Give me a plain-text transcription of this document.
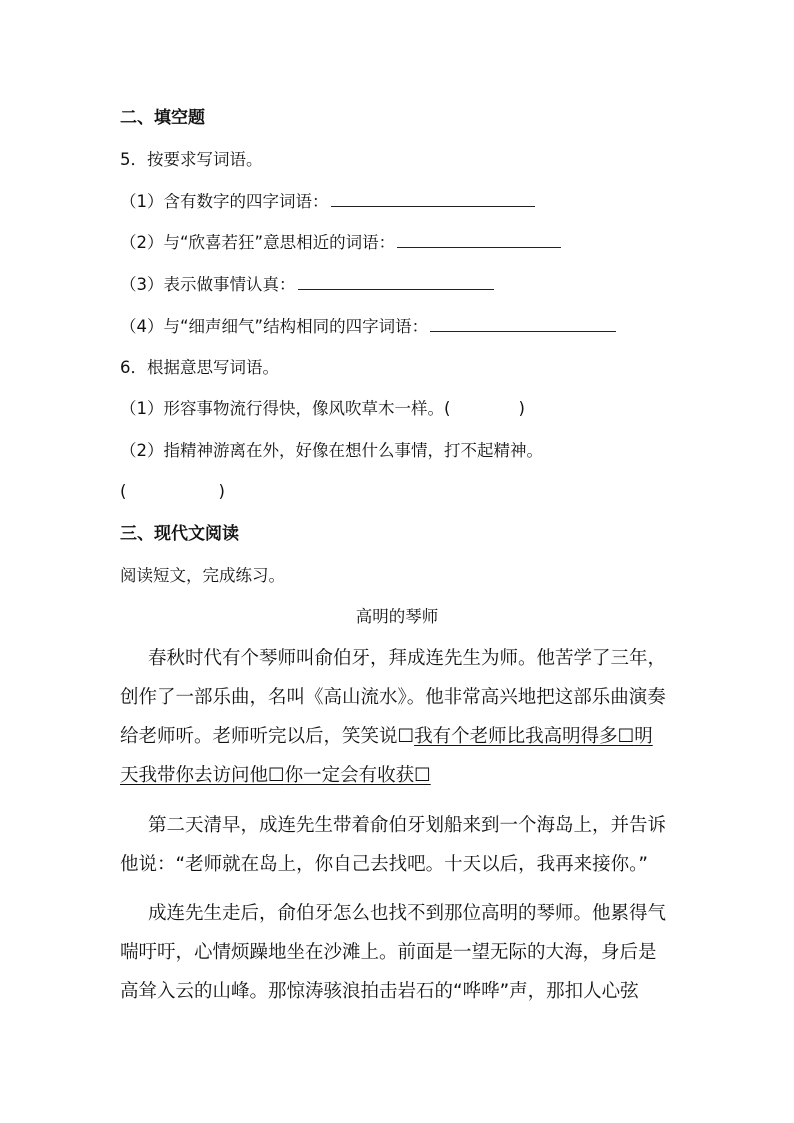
二、填空题
5．按要求写词语。
（1）含有数字的四字词语：
（2）与“欣喜若狂”意思相近的词语：
（3）表示做事情认真：
（4）与“细声细气”结构相同的四字词语：
6．根据意思写词语。
（1）形容事物流行得快，像风吹草木一样。(	)
（2）指精神游离在外，好像在想什么事情，打不起精神。
(	)
三、现代文阅读
阅读短文，完成练习。
高明的琴师
春秋时代有个琴师叫俞伯牙，拜成连先生为师。他苦学了三年，
创作了一部乐曲，名叫《高山流水》。他非常高兴地把这部乐曲演奏
给老师听。老师听完以后，笑笑说☐我有个老师比我高明得多☐明
天我带你去访问他☐你一定会有收获☐
第二天清早，成连先生带着俞伯牙划船来到一个海岛上，并告诉
他说：“老师就在岛上，你自己去找吧。十天以后，我再来接你。”
成连先生走后，俞伯牙怎么也找不到那位高明的琴师。他累得气
喘吁吁，心情烦躁地坐在沙滩上。前面是一望无际的大海，身后是
高耸入云的山峰。那惊涛骇浪拍击岩石的“哗哗”声，那扣人心弦
